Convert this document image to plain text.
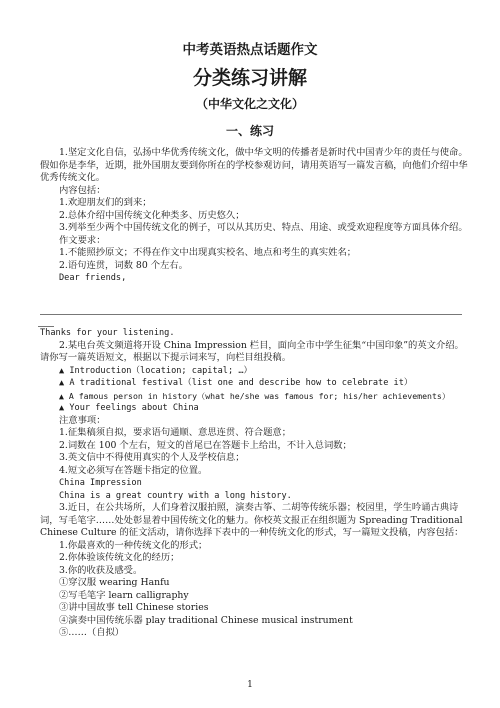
中考英语热点话题作文
分类练习讲解
（中华文化之文化）
一、练习
1.坚定文化自信，弘扬中华优秀传统文化，做中华文明的传播者是新时代中国青少年的责任与使命。假如你是李华，近期，批外国朋友要到你所在的学校参观访问，请用英语写一篇发言稿，向他们介绍中华优秀传统文化。
内容包括：
1.欢迎朋友们的到来；
2.总体介绍中国传统文化种类多、历史悠久；
3.列举至少两个中国传统文化的例子，可以从其历史、特点、用途、或受欢迎程度等方面具体介绍。
作文要求：
1.不能照抄原文；不得在作文中出现真实校名、地点和考生的真实姓名；
2.语句连贯，词数 80 个左右。
Dear friends,
Thanks for your listening.
2.某电台英文频道将开设 China Impression 栏目，面向全市中学生征集“中国印象”的英文介绍。请你写一篇英语短文，根据以下提示词来写，向栏目组投稿。
▲ Introduction（location; capital; …）
▲ A traditional festival（list one and describe how to celebrate it）
▲ A famous person in history（what he/she was famous for; his/her achievements）
▲ Your feelings about China
注意事项：
1.征集稿须自拟，要求语句通顺、意思连贯、符合题意；
2.词数在 100 个左右，短文的首尾已在答题卡上给出，不计入总词数；
3.英文信中不得使用真实的个人及学校信息；
4.短文必须写在答题卡指定的位置。
China Impression
China is a great country with a long history.
3.近日，在公共场所，人们身着汉服拍照，演奏古筝、二胡等传统乐器；校园里，学生吟诵古典诗词，写毛笔字……处处彰显着中国传统文化的魅力。你校英文报正在组织题为 Spreading Traditional Chinese Culture 的征文活动，请你选择下表中的一种传统文化的形式，写一篇短文投稿，内容包括：
1.你最喜欢的一种传统文化的形式；
2.你体验该传统文化的经历；
3.你的收获及感受。
①穿汉服 wearing Hanfu
②写毛笔字 learn calligraphy
③讲中国故事 tell Chinese stories
④演奏中国传统乐器 play traditional Chinese musical instrument
⑤……（自拟）
1
